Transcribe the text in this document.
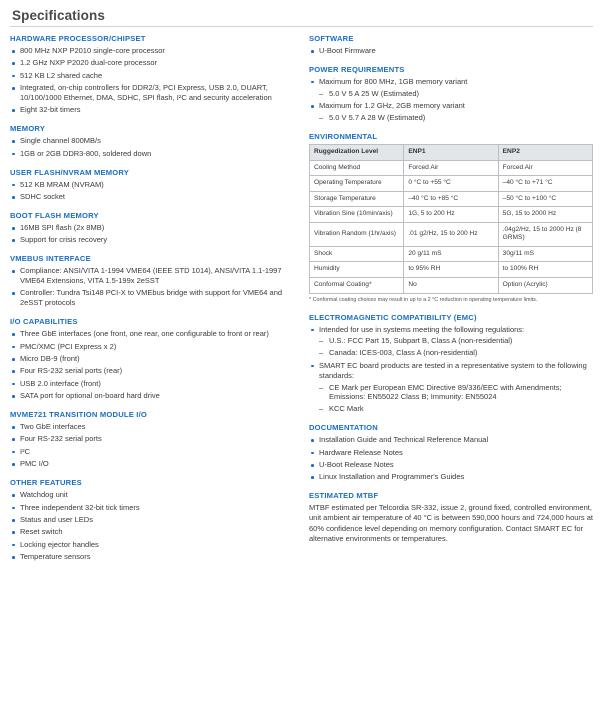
Specifications
HARDWARE PROCESSOR/CHIPSET
800 MHz NXP P2010 single-core processor
1.2 GHz NXP P2020 dual-core processor
512 KB L2 shared cache
Integrated, on-chip controllers for DDR2/3, PCI Express, USB 2.0, DUART, 10/100/1000 Ethernet, DMA, SDHC, SPI flash, I²C and security acceleration
Eight 32-bit timers
MEMORY
Single channel 800MB/s
1GB or 2GB DDR3-800, soldered down
USER FLASH/NVRAM MEMORY
512 KB MRAM (NVRAM)
SDHC socket
BOOT FLASH MEMORY
16MB SPI flash (2x 8MB)
Support for crisis recovery
VMEBUS INTERFACE
Compliance: ANSI/VITA 1-1994 VME64 (IEEE STD 1014), ANSI/VITA 1.1-1997 VME64 Extensions, VITA 1.5-199x 2eSST
Controller: Tundra Tsi148 PCI-X to VMEbus bridge with support for VME64 and 2eSST protocols
I/O CAPABILITIES
Three GbE interfaces (one front, one rear, one configurable to front or rear)
PMC/XMC (PCI Express x 2)
Micro DB-9 (front)
Four RS-232 serial ports (rear)
USB 2.0 interface (front)
SATA port for optional on-board hard drive
MVME721 TRANSITION MODULE I/O
Two GbE interfaces
Four RS-232 serial ports
I²C
PMC I/O
OTHER FEATURES
Watchdog unit
Three independent 32-bit tick timers
Status and user LEDs
Reset switch
Locking ejector handles
Temperature sensors
SOFTWARE
U-Boot Firmware
POWER REQUIREMENTS
Maximum for 800 MHz, 1GB memory variant
– 5.0 V 5 A 25 W (Estimated)
Maximum for 1.2 GHz, 2GB memory variant
– 5.0 V 5.7 A 28 W (Estimated)
ENVIRONMENTAL
Ruggedization Level	ENP1	ENP2
Cooling Method	Forced Air	Forced Air
Operating Temperature	0 °C to +55 °C	–40 °C to +71 °C
Storage Temperature	–40 °C to +85 °C	–50 °C to +100 °C
Vibration Sine (10min/axis)	1G, 5 to 200 Hz	5G, 15 to 2000 Hz
Vibration Random (1hr/axis)	.01 g2/Hz, 15 to 200 Hz	.04g2/Hz, 15 to 2000 Hz (8 GRMS)
Shock	20 g/11 mS	30g/11 mS
Humidity	to 95% RH	to 100% RH
Conformal Coating*	No	Option (Acrylic)
* Conformal coating choices may result in up to a 2 °C reduction in operating temperature limits.
ELECTROMAGNETIC COMPATIBILITY (EMC)
Intended for use in systems meeting the following regulations:
– U.S.: FCC Part 15, Subpart B, Class A (non-residential)
– Canada: ICES-003, Class A (non-residential)
SMART EC board products are tested in a representative system to the following standards:
– CE Mark per European EMC Directive 89/336/EEC with Amendments; Emissions: EN55022 Class B; Immunity: EN55024
– KCC Mark
DOCUMENTATION
Installation Guide and Technical Reference Manual
Hardware Release Notes
U-Boot Release Notes
Linux Installation and Programmer's Guides
ESTIMATED MTBF

MTBF estimated per Telcordia SR-332, issue 2, ground fixed, controlled environment, unit ambient air temperature of 40 °C is between 590,000 hours and 724,000 hours at 60% confidence level depending on memory configuration. Contact SMART EC for alternative environments or temperatures.
